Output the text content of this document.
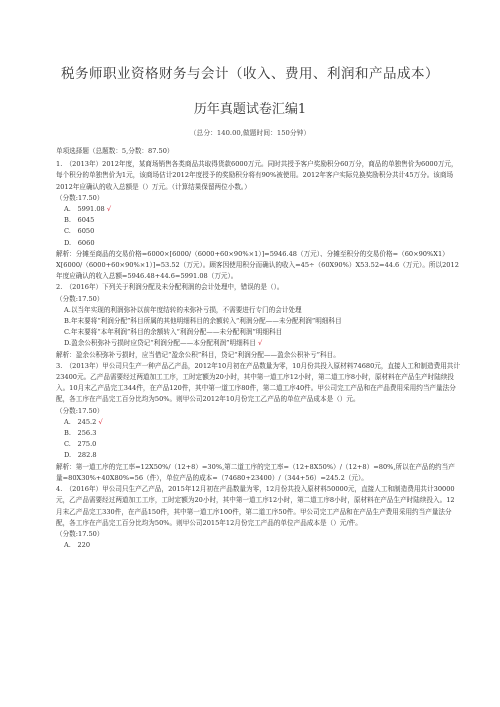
税务师职业资格财务与会计（收入、费用、利润和产品成本）
历年真题试卷汇编1
（总分：140.00,做题时间：150分钟）
单项选择题（总题数：5,分数：87.50）
1.　（2013年）2012年度，某商场销售各类商品共取得货款6000万元。同时共授予客户奖励积分60万分，商品的单独售价为6000万元，每个积分的单独售价为1元，该商场估计2012年度授予的奖励积分将有90%被使用。2012年客户实际兑换奖励积分共计45万分。该商场2012年应确认的收入总额是（）万元。（计算结果保留两位小数。）
（分数:17.50）
A.　5991.08 √
B.　6045
C.　6050
D.　6060
解析：分摊至商品的交易价格=6000×[6000/（6000+60×90%×1）]=5946.48（万元）、分摊至积分的交易价格=（60×90%X1）X[6000/（6000+60×90%×1）]=53.52（万元）。顾客因使用积分而确认的收入=45÷（60X90%）X53.52=44.6（万元）。所以2012年度应确认的收入总额=5946.48+44.6=5991.08（万元）。
2.　（2016年）下列关于利润分配及未分配利润的会计处理中，错误的是（）。
（分数:17.50）
A.以当年实现的利润弥补以前年度结转的未弥补亏损，不需要进行专门的会计处理
B.年末要将“利润分配”科目所属的其他明细科目的余额转入“利润分配——未分配利润”明细科目
C.年末要将“本年利润”科目的余额转入“利润分配——未分配利润”明细科目
D.盈余公积弥补亏损时应贷记“利润分配——本分配利润”明细科目 √
解析：盈余公积弥补亏损时，应当借记“盈余公积”科目，贷记“利润分配——盈余公积补亏”科目。
3.　（2013年）甲公司只生产一种产品乙产品，2012年10月初在产品数量为零，10月份共投入原材料74680元，直接人工和制造费用共计23400元。乙产品需要经过两道加工工序，工时定额为20小时，其中第一道工序12小时，第二道工序8小时，原材料在产品生产时陆续投入。10月末乙产品完工344件，在产品120件，其中第一道工序80件，第二道工序40件。甲公司完工产品和在产品费用采用约当产量法分配，各工序在产品完工百分比均为50%。则甲公司2012年10月份完工乙产品的单位产品成本是（）元。
（分数:17.50）
A.　245.2 √
B.　256.3
C.　275.0
D.　282.8
解析：第一道工序的完工率=12X50%/（12+8）=30%,第二道工序的完工率=（12+8X50%）/（12+8）=80%,所以在产品的约当产量=80X30%+40X80%=56（件），单位产品的成本=（74680+23400）/（344+56）=245.2（元）。
4.　（2016年）甲公司只生产乙产品，2015年12月初在产品数量为零，12月份共投入原材料50000元，直接人工和制造费用共计30000元，乙产品需要经过两道加工工序，工时定额为20小时，其中第一道工序12小时，第二道工序8小时，原材料在产品生产时陆续投入。12月末乙产品完工330件，在产品150件，其中第一道工序100件，第二道工序50件。甲公司完工产品和在产品生产费用采用约当产量法分配，各工序在产品完工百分比均为50%。则甲公司2015年12月份完工产品的单位产品成本是（）元/件。
（分数:17.50）
A.　220
